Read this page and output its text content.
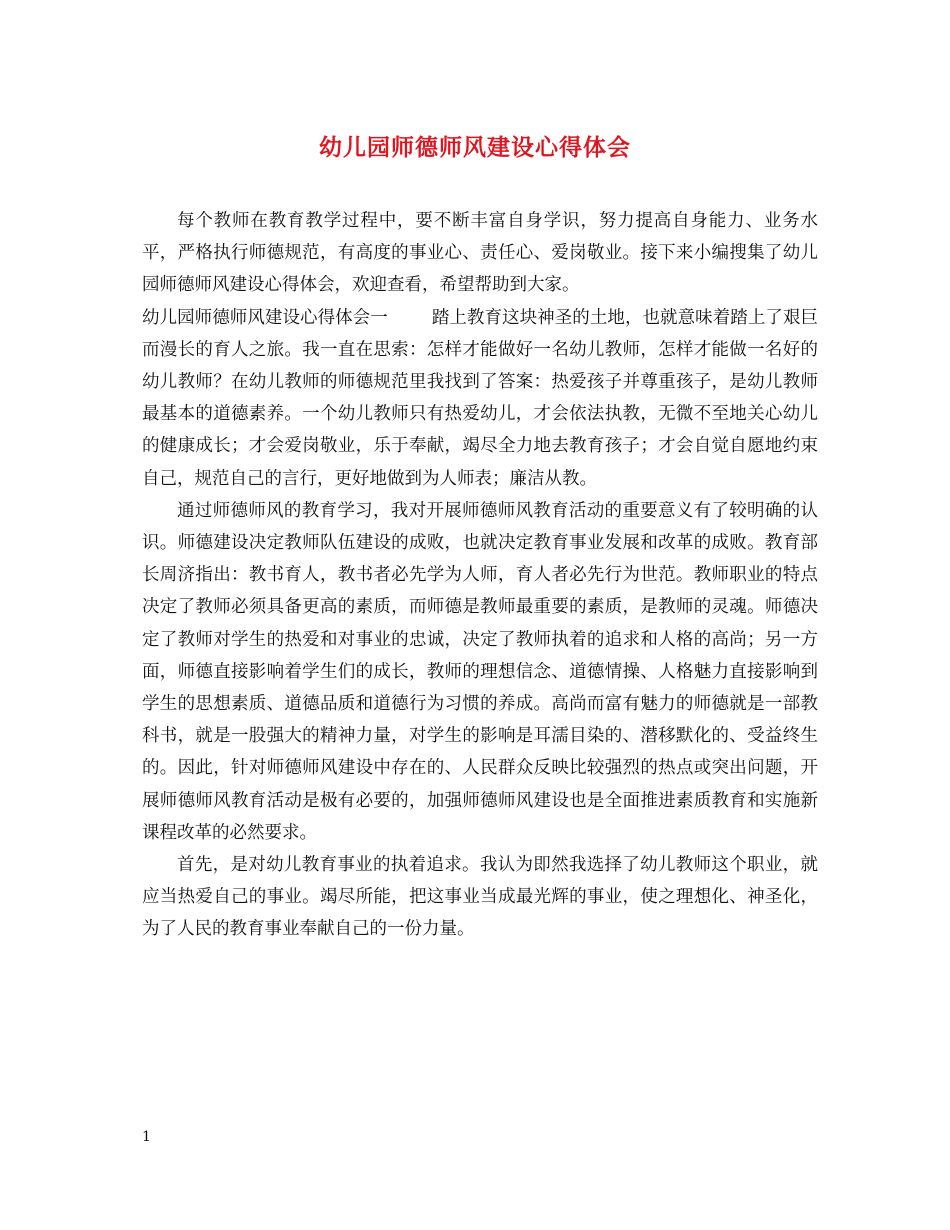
幼儿园师德师风建设心得体会

每个教师在教育教学过程中，要不断丰富自身学识，努力提高自身能力、业务水平，严格执行师德规范，有高度的事业心、责任心、爱岗敬业。接下来小编搜集了幼儿园师德师风建设心得体会，欢迎查看，希望帮助到大家。

幼儿园师德师风建设心得体会一	踏上教育这块神圣的土地，也就意味着踏上了艰巨而漫长的育人之旅。我一直在思索：怎样才能做好一名幼儿教师，怎样才能做一名好的幼儿教师？在幼儿教师的师德规范里我找到了答案：热爱孩子并尊重孩子，是幼儿教师最基本的道德素养。一个幼儿教师只有热爱幼儿，才会依法执教，无微不至地关心幼儿的健康成长；才会爱岗敬业，乐于奉献，竭尽全力地去教育孩子；才会自觉自愿地约束自己，规范自己的言行，更好地做到为人师表；廉洁从教。

通过师德师风的教育学习，我对开展师德师风教育活动的重要意义有了较明确的认识。师德建设决定教师队伍建设的成败，也就决定教育事业发展和改革的成败。教育部长周济指出：教书育人，教书者必先学为人师，育人者必先行为世范。教师职业的特点决定了教师必须具备更高的素质，而师德是教师最重要的素质，是教师的灵魂。师德决定了教师对学生的热爱和对事业的忠诚，决定了教师执着的追求和人格的高尚；另一方面，师德直接影响着学生们的成长，教师的理想信念、道德情操、人格魅力直接影响到学生的思想素质、道德品质和道德行为习惯的养成。高尚而富有魅力的师德就是一部教科书，就是一股强大的精神力量，对学生的影响是耳濡目染的、潜移默化的、受益终生的。因此，针对师德师风建设中存在的、人民群众反映比较强烈的热点或突出问题，开展师德师风教育活动是极有必要的，加强师德师风建设也是全面推进素质教育和实施新课程改革的必然要求。

首先，是对幼儿教育事业的执着追求。我认为即然我选择了幼儿教师这个职业，就应当热爱自己的事业。竭尽所能，把这事业当成最光辉的事业，使之理想化、神圣化，为了人民的教育事业奉献自己的一份力量。

1
